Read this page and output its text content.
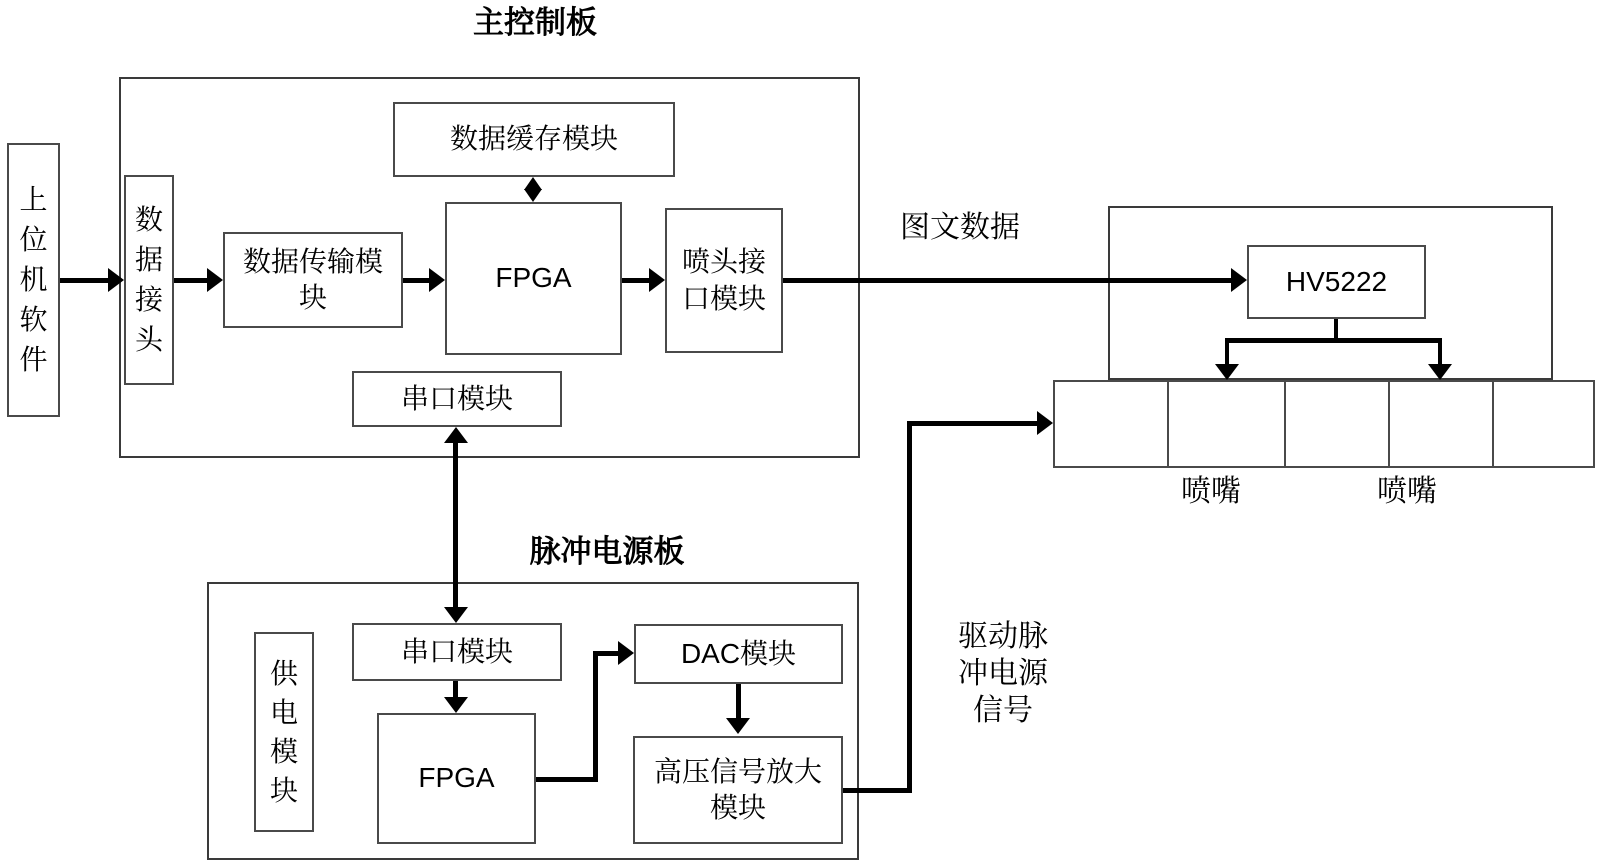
上位机软件
数据接头
数据传输模块
数据缓存模块
FPGA
喷头接口模块
串口模块
供电模块
串口模块
FPGA
DAC模块
高压信号放大模块
HV5222
主控制板
脉冲电源板
图文数据
驱动脉冲电源信号
喷嘴	喷嘴
